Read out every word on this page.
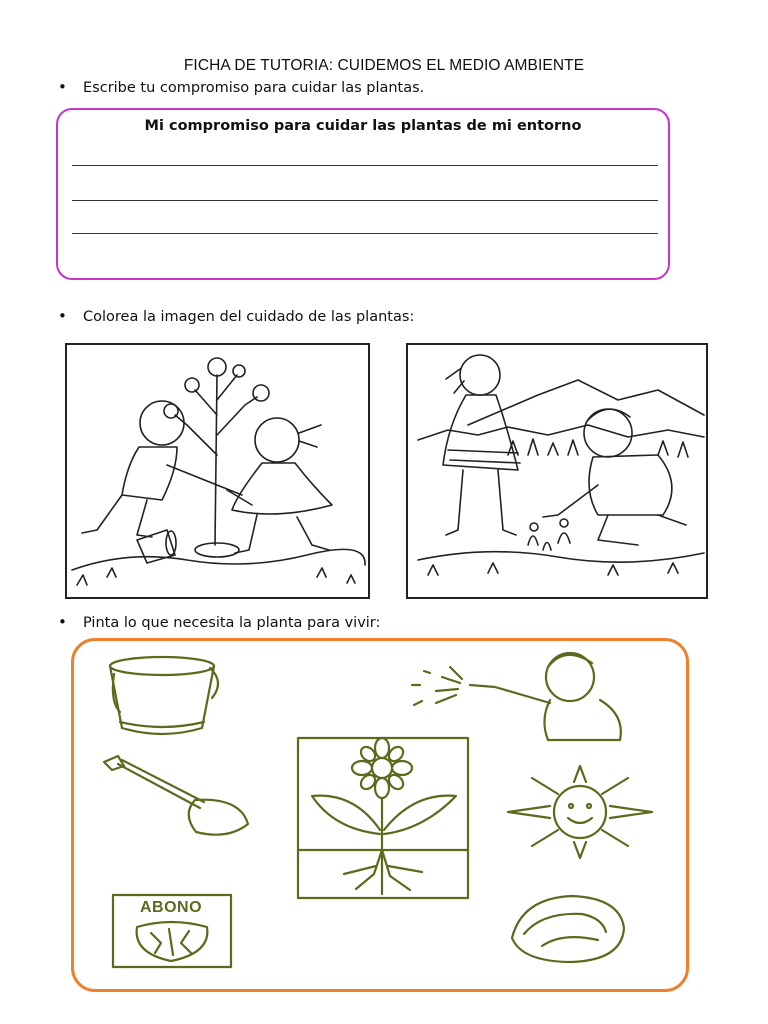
FICHA DE TUTORIA: CUIDEMOS EL MEDIO AMBIENTE
• Escribe tu compromiso para cuidar las plantas.
Mi compromiso para cuidar las plantas de mi entorno
• Colorea la imagen del cuidado de las plantas:
• Pinta lo que necesita la planta para vivir:
ABONO
